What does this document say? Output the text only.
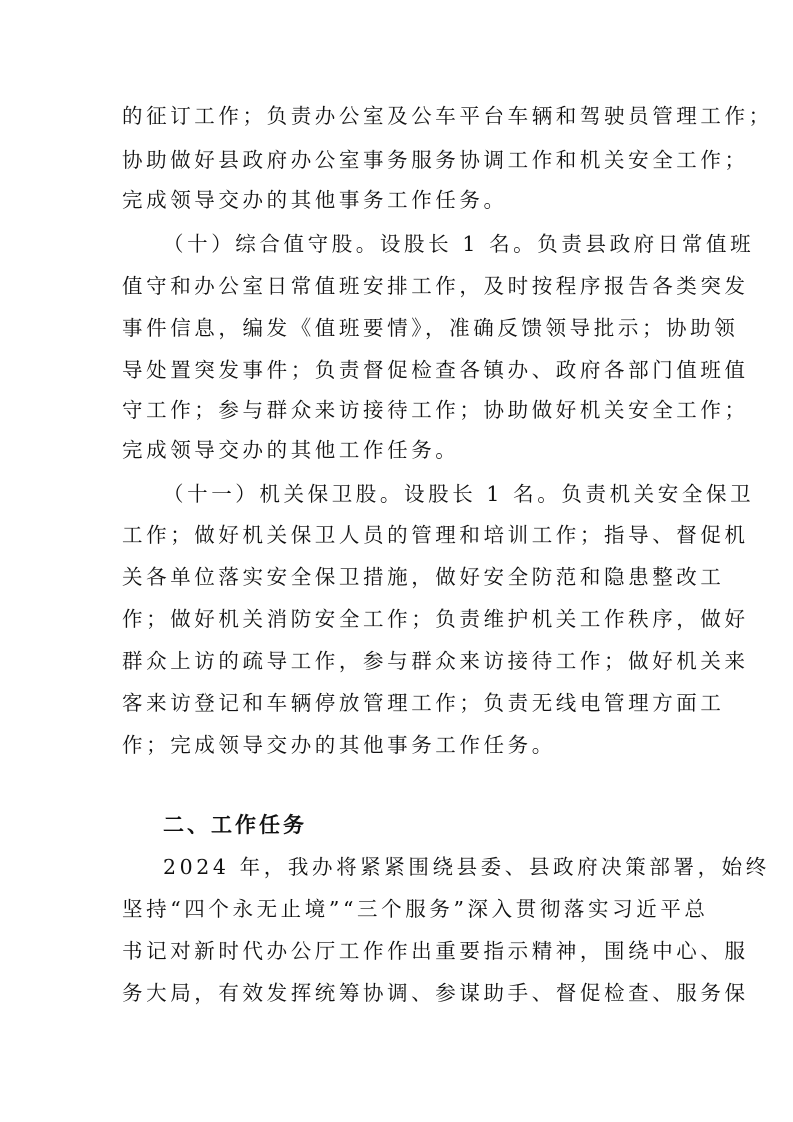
的征订工作；负责办公室及公车平台车辆和驾驶员管理工作；
协助做好县政府办公室事务服务协调工作和机关安全工作；
完成领导交办的其他事务工作任务。
（十）综合值守股。设股长 1 名。负责县政府日常值班
值守和办公室日常值班安排工作，及时按程序报告各类突发
事件信息，编发《值班要情》，准确反馈领导批示；协助领
导处置突发事件；负责督促检查各镇办、政府各部门值班值
守工作；参与群众来访接待工作；协助做好机关安全工作；
完成领导交办的其他工作任务。
（十一）机关保卫股。设股长 1 名。负责机关安全保卫
工作；做好机关保卫人员的管理和培训工作；指导、督促机
关各单位落实安全保卫措施，做好安全防范和隐患整改工
作；做好机关消防安全工作；负责维护机关工作秩序，做好
群众上访的疏导工作，参与群众来访接待工作；做好机关来
客来访登记和车辆停放管理工作；负责无线电管理方面工
作；完成领导交办的其他事务工作任务。
二、工作任务
2024 年，我办将紧紧围绕县委、县政府决策部署，始终
坚持“四个永无止境”“三个服务”深入贯彻落实习近平总
书记对新时代办公厅工作作出重要指示精神，围绕中心、服
务大局，有效发挥统筹协调、参谋助手、督促检查、服务保
